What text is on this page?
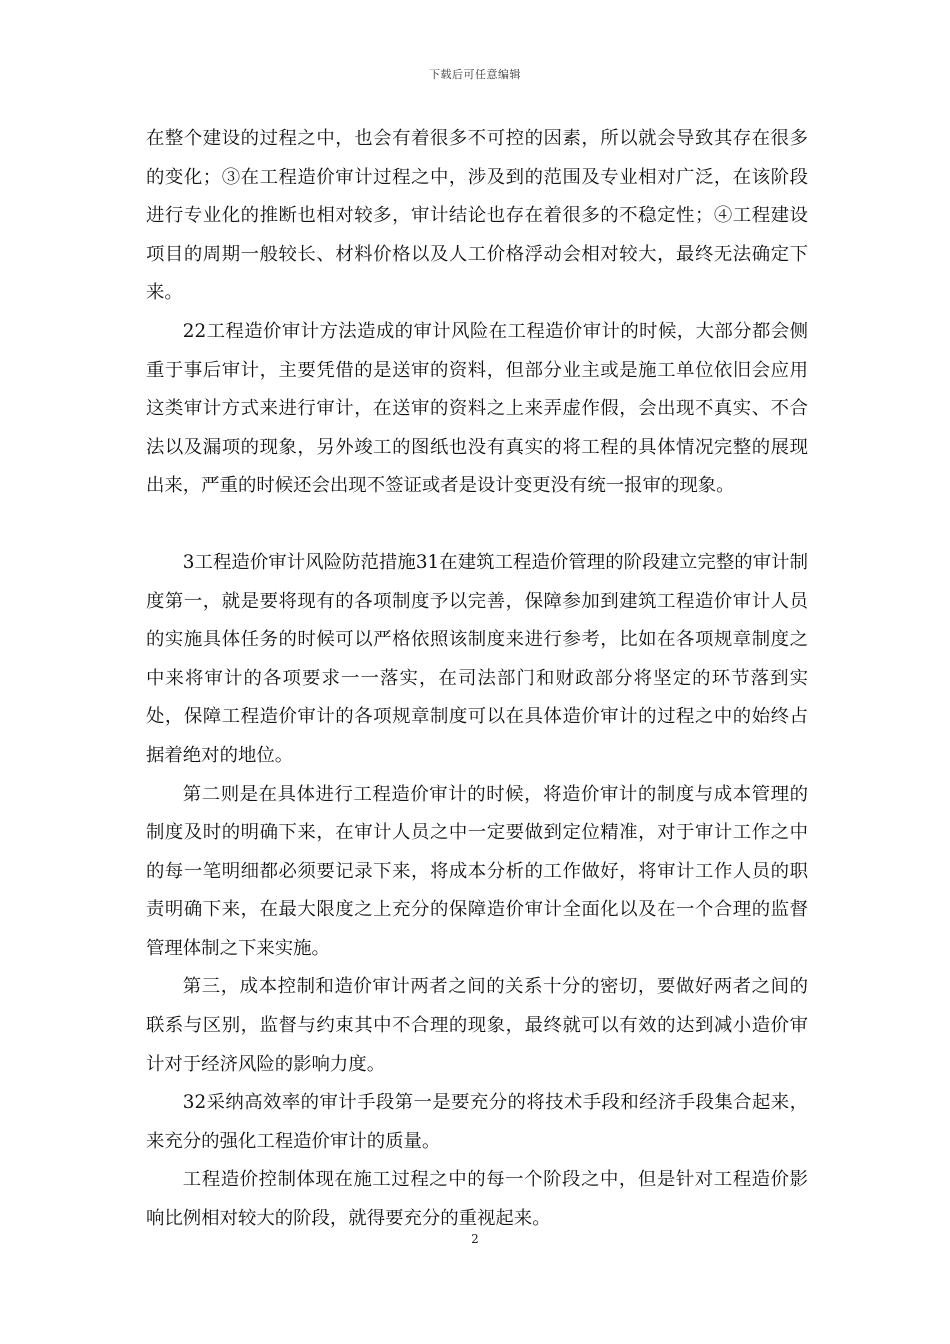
下载后可任意编辑

在整个建设的过程之中，也会有着很多不可控的因素，所以就会导致其存在很多的变化；③在工程造价审计过程之中，涉及到的范围及专业相对广泛，在该阶段进行专业化的推断也相对较多，审计结论也存在着很多的不稳定性；④工程建设项目的周期一般较长、材料价格以及人工价格浮动会相对较大，最终无法确定下来。

22工程造价审计方法造成的审计风险在工程造价审计的时候，大部分都会侧重于事后审计，主要凭借的是送审的资料，但部分业主或是施工单位依旧会应用这类审计方式来进行审计，在送审的资料之上来弄虚作假，会出现不真实、不合法以及漏项的现象，另外竣工的图纸也没有真实的将工程的具体情况完整的展现出来，严重的时候还会出现不签证或者是设计变更没有统一报审的现象。

3工程造价审计风险防范措施31在建筑工程造价管理的阶段建立完整的审计制度第一，就是要将现有的各项制度予以完善，保障参加到建筑工程造价审计人员的实施具体任务的时候可以严格依照该制度来进行参考，比如在各项规章制度之中来将审计的各项要求一一落实，在司法部门和财政部分将坚定的环节落到实处，保障工程造价审计的各项规章制度可以在具体造价审计的过程之中的始终占据着绝对的地位。

第二则是在具体进行工程造价审计的时候，将造价审计的制度与成本管理的制度及时的明确下来，在审计人员之中一定要做到定位精准，对于审计工作之中的每一笔明细都必须要记录下来，将成本分析的工作做好，将审计工作人员的职责明确下来，在最大限度之上充分的保障造价审计全面化以及在一个合理的监督管理体制之下来实施。

第三，成本控制和造价审计两者之间的关系十分的密切，要做好两者之间的联系与区别，监督与约束其中不合理的现象，最终就可以有效的达到减小造价审计对于经济风险的影响力度。

32采纳高效率的审计手段第一是要充分的将技术手段和经济手段集合起来，来充分的强化工程造价审计的质量。

工程造价控制体现在施工过程之中的每一个阶段之中，但是针对工程造价影响比例相对较大的阶段，就得要充分的重视起来。

2
